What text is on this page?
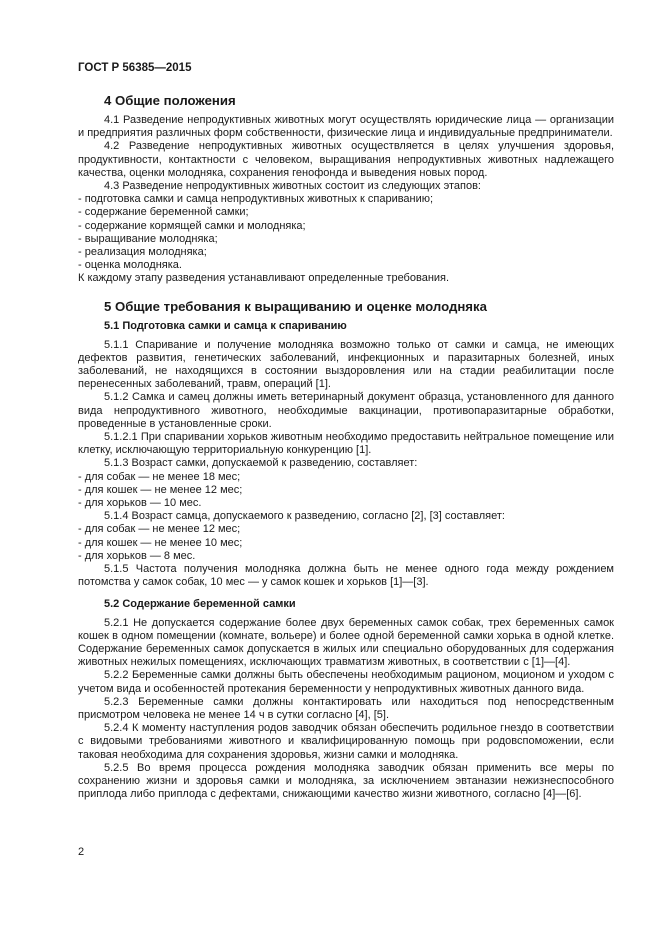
ГОСТ Р 56385—2015
4 Общие положения

4.1 Разведение непродуктивных животных могут осуществлять юридические лица — организации и предприятия различных форм собственности, физические лица и индивидуальные предприниматели.

4.2 Разведение непродуктивных животных осуществляется в целях улучшения здоровья, продуктивности, контактности с человеком, выращивания непродуктивных животных надлежащего качества, оценки молодняка, сохранения генофонда и выведения новых пород.

4.3 Разведение непродуктивных животных состоит из следующих этапов:

- подготовка самки и самца непродуктивных животных к спариванию;

- содержание беременной самки;

- содержание кормящей самки и молодняка;

- выращивание молодняка;

- реализация молодняка;

- оценка молодняка.

К каждому этапу разведения устанавливают определенные требования.

5 Общие требования к выращиванию и оценке молодняка
5.1 Подготовка самки и самца к спариванию

5.1.1 Спаривание и получение молодняка возможно только от самки и самца, не имеющих дефектов развития, генетических заболеваний, инфекционных и паразитарных болезней, иных заболеваний, не находящихся в состоянии выздоровления или на стадии реабилитации после перенесенных заболеваний, травм, операций [1].

5.1.2 Самка и самец должны иметь ветеринарный документ образца, установленного для данного вида непродуктивного животного, необходимые вакцинации, противопаразитарные обработки, проведенные в установленные сроки.

5.1.2.1 При спаривании хорьков животным необходимо предоставить нейтральное помещение или клетку, исключающую территориальную конкуренцию [1].

5.1.3 Возраст самки, допускаемой к разведению, составляет:

- для собак — не менее 18 мес;

- для кошек — не менее 12 мес;

- для хорьков — 10 мес.

5.1.4 Возраст самца, допускаемого к разведению, согласно [2], [3] составляет:

- для собак — не менее 12 мес;

- для кошек — не менее 10 мес;

- для хорьков — 8 мес.

5.1.5 Частота получения молодняка должна быть не менее одного года между рождением потомства у самок собак, 10 мес — у самок кошек и хорьков [1]—[3].

5.2 Содержание беременной самки

5.2.1 Не допускается содержание более двух беременных самок собак, трех беременных самок кошек в одном помещении (комнате, вольере) и более одной беременной самки хорька в одной клетке. Содержание беременных самок допускается в жилых или специально оборудованных для содержания животных нежилых помещениях, исключающих травматизм животных, в соответствии с [1]—[4].

5.2.2 Беременные самки должны быть обеспечены необходимым рационом, моционом и уходом с учетом вида и особенностей протекания беременности у непродуктивных животных данного вида.

5.2.3 Беременные самки должны контактировать или находиться под непосредственным присмотром человека не менее 14 ч в сутки согласно [4], [5].

5.2.4 К моменту наступления родов заводчик обязан обеспечить родильное гнездо в соответствии с видовыми требованиями животного и квалифицированную помощь при родовспоможении, если таковая необходима для сохранения здоровья, жизни самки и молодняка.

5.2.5 Во время процесса рождения молодняка заводчик обязан применить все меры по сохранению жизни и здоровья самки и молодняка, за исключением эвтаназии нежизнеспособного приплода либо приплода с дефектами, снижающими качество жизни животного, согласно [4]—[6].

2
